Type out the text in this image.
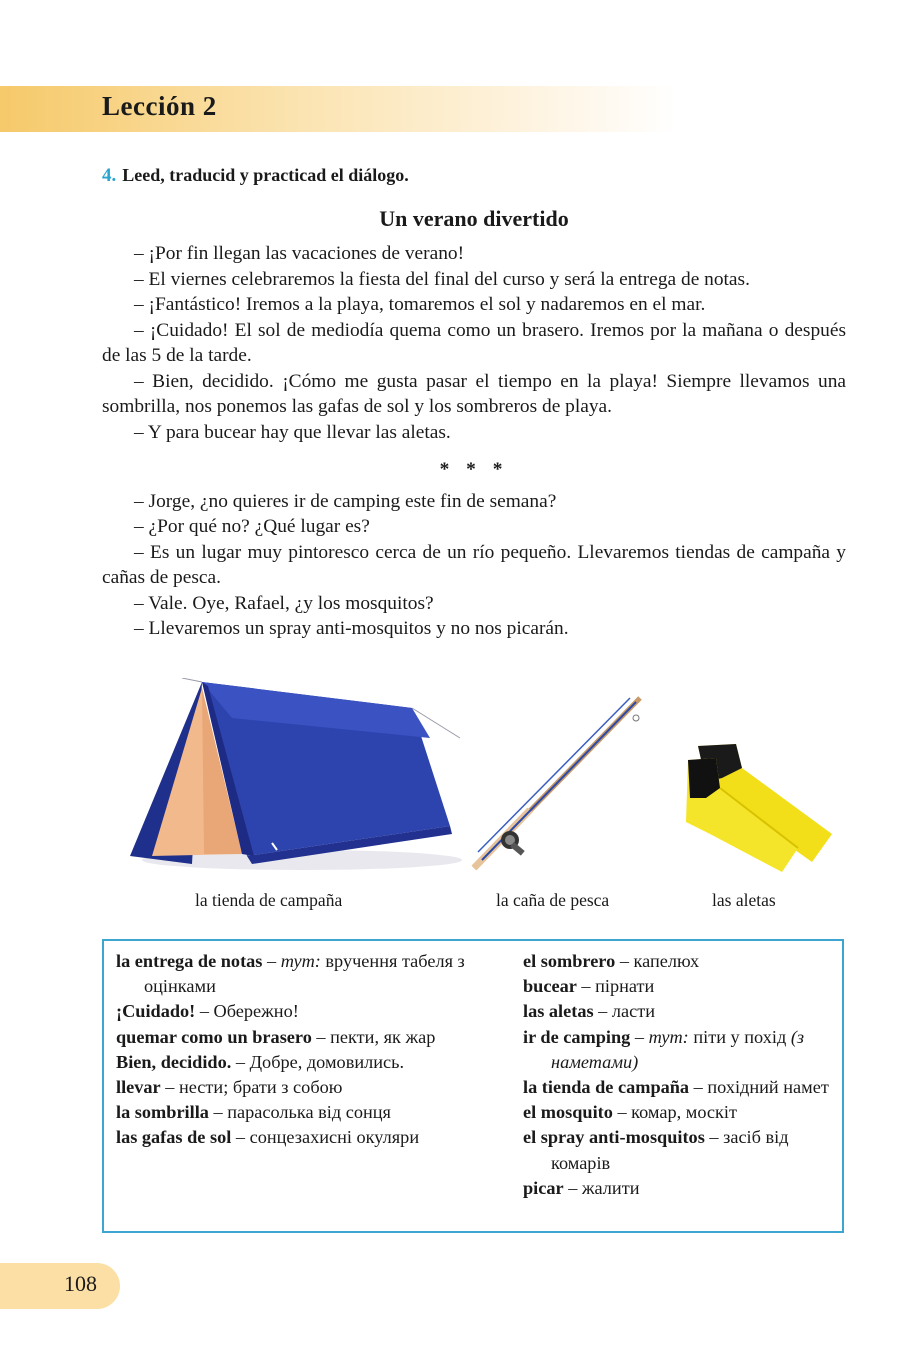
Lección 2
4. Leed, traducid y practicad el diálogo.
Un verano divertido

– ¡Por fin llegan las vacaciones de verano!

– El viernes celebraremos la fiesta del final del curso y será la entrega de notas.

– ¡Fantástico! Iremos a la playa, tomaremos el sol y nadaremos en el mar.

– ¡Cuidado! El sol de mediodía quema como un brasero. Iremos por la mañana o después de las 5 de la tarde.

– Bien, decidido. ¡Cómo me gusta pasar el tiempo en la playa! Siempre llevamos una sombrilla, nos ponemos las gafas de sol y los sombreros de playa.

– Y para bucear hay que llevar las aletas.

* * *

– Jorge, ¿no quieres ir de camping este fin de semana?

– ¿Por qué no? ¿Qué lugar es?

– Es un lugar muy pintoresco cerca de un río pequeño. Llevaremos tiendas de campaña y cañas de pesca.

– Vale. Oye, Rafael, ¿y los mosquitos?

– Llevaremos un spray anti-mosquitos y no nos picarán.

la tienda de campaña	la caña de pesca	las aletas

la entrega de notas – тут: вручення табеля з оцінками

¡Cuidado! – Обережно!

quemar como un brasero – пекти, як жар

Bien, decidido. – Добре, домовились.

llevar – нести; брати з собою

la sombrilla – парасолька від сонця

las gafas de sol – сонцезахисні окуляри

el sombrero – капелюх

bucear – пірнати

las aletas – ласти

ir de camping – тут: піти у похід (з наметами)

la tienda de campaña – похідний намет

el mosquito – комар, москіт

el spray anti-mosquitos – засіб від комарів

picar – жалити

108
